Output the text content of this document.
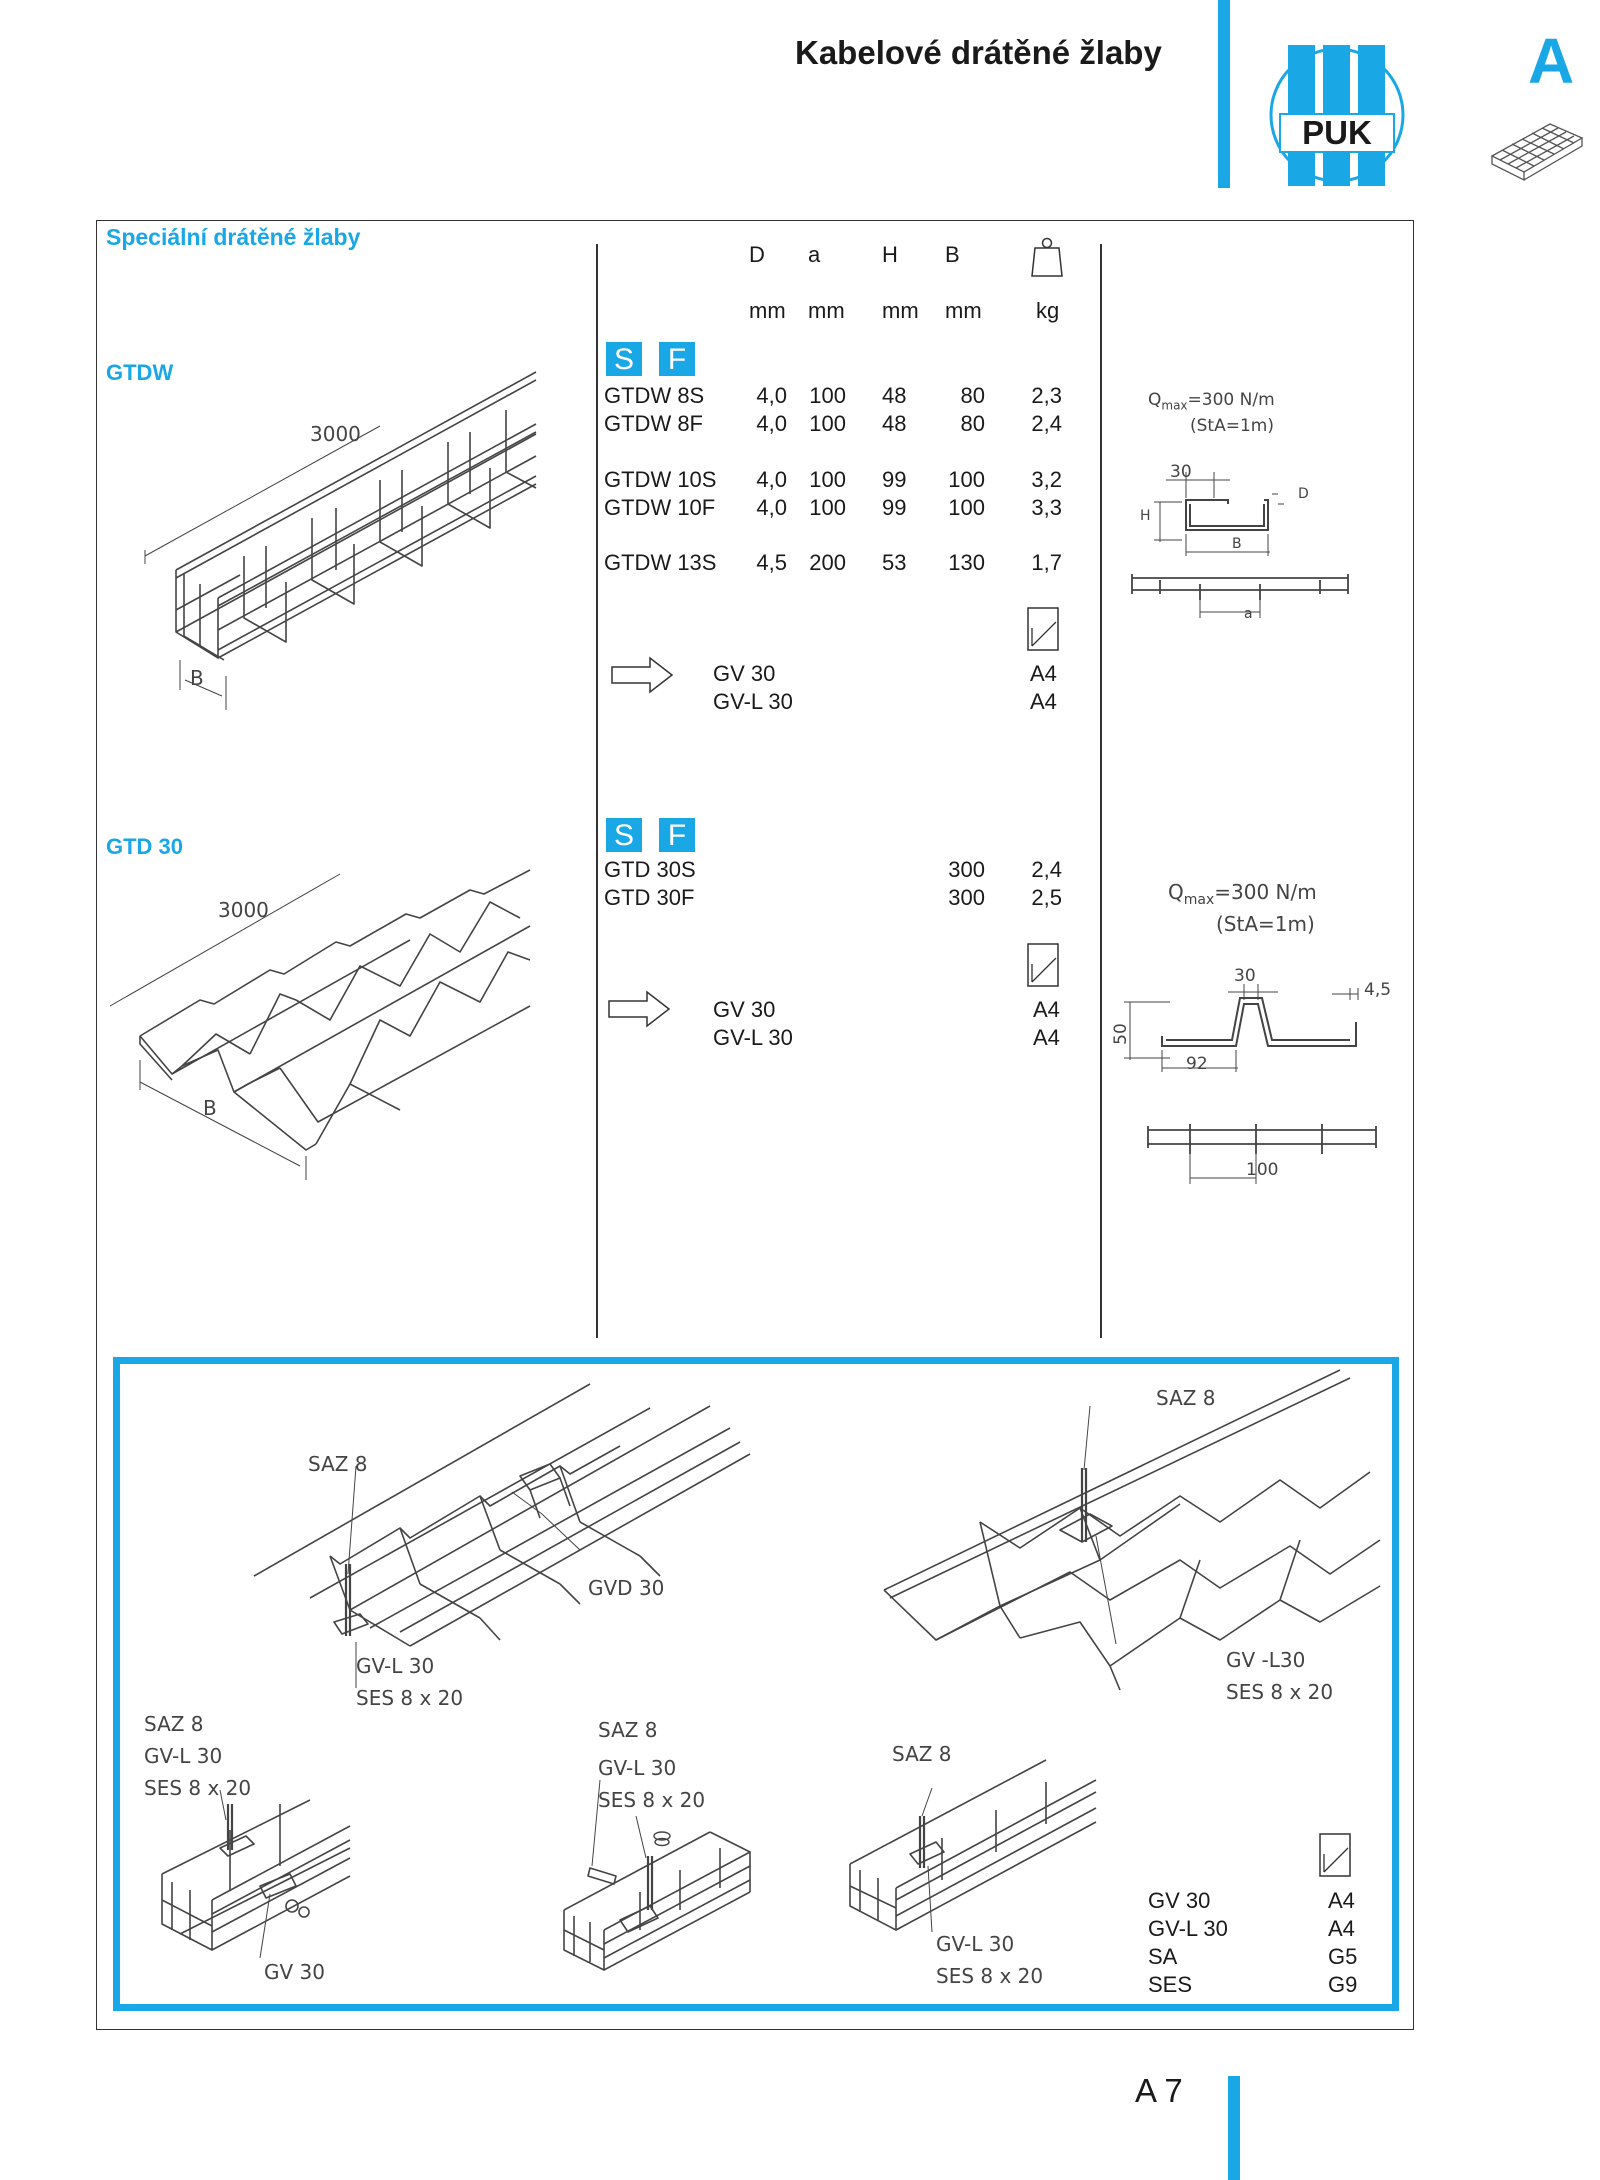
Kabelové drátěné žlaby
PUK
A
Speciální drátěné žlaby
D a	H B
mm mm mm mm kg
GTDW	S F
GTDW 8S	4,0	100 48	80	2,3
GTDW 8F	4,0	100 48	80	2,4
GTDW 10S	4,0	100 99	100	3,2
GTDW 10F	4,0	100 99	100	3,3
GTDW 13S	4,5	200 53	130	1,7
GV 30	A4
GV-L 30	A4
3000
B
$Q_{max}=300$ N/m
(StA=1m)
30
H
D
B
a
GTD 30	S F
GTD 30S	300	2,4
GTD 30F	300	2,5
GV 30	A4
GV-L 30	A4
3000
B
$Q_{max}=300$ N/m
(StA=1m)
30
4,5
50
92
100
SAZ 8
GVD 30
GV-L 30
SES 8 x 20
SAZ 8
GV -L30
SES 8 x 20
SAZ 8
GV-L 30
SES 8 x 20
GV 30
SAZ 8
GV-L 30
SES 8 x 20
SAZ 8
GV-L 30
SES 8 x 20
GV 30	A4
GV-L 30	A4
SA	G5
SES	G9
A 7
